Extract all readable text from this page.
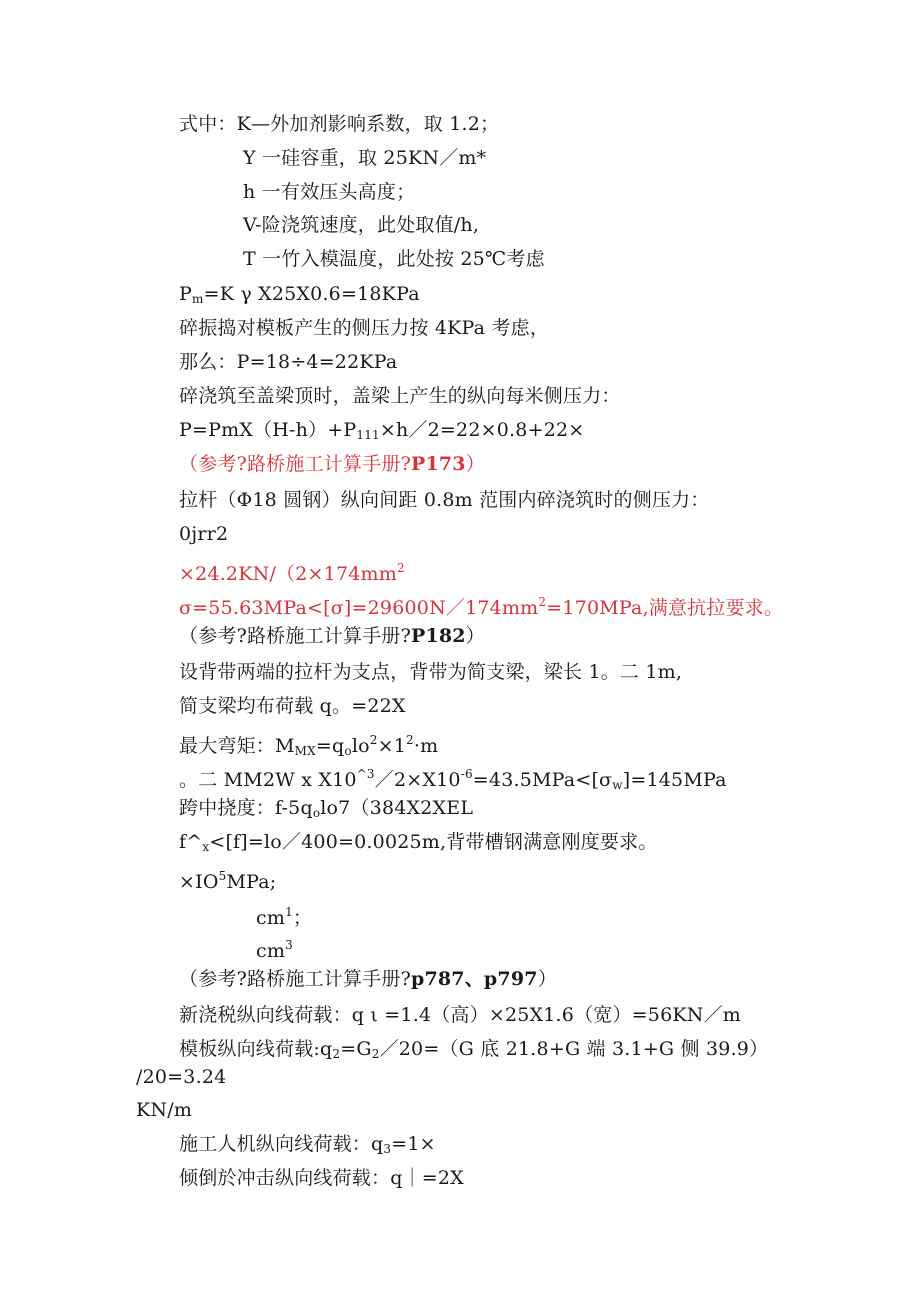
式中：K—外加剂影响系数，取 1.2；
Y 一硅容重，取 25KN／m*
h 一有效压头高度；
V-险浇筑速度，此处取值/h,
T 一竹入模温度，此处按 25℃考虑
$P_m=K$ γ X25X0.6=18KPa
碎振捣对模板产生的侧压力按 4KPa 考虑，
那么：P=18÷4=22KPa
碎浇筑至盖梁顶时，盖梁上产生的纵向每米侧压力：
$P=PmX(H-h)+P_{111}\times h/2=22\times 0.8+22\times$
（参考?路桥施工计算手册?P173）
拉杆（Φ18 圆钢）纵向间距 0.8m 范围内碎浇筑时的侧压力：
0jrr2
$\times 24.2KN/(2\times 174mm^2$
$\sigma=55.63MPa<[\sigma]=29600N/174mm^2=170MPa$,满意抗拉要求。
（参考?路桥施工计算手册?P182）
设背带两端的拉杆为支点，背带为简支梁，梁长 1。二 1m,
简支梁均布荷载 q。=22X
最大弯矩：$M_{MX}=q_olo^2\times 1^2\cdot m$
。二 MM2W x $X10^{\^{}3}/2\times X10^{-6}=43.5MPa<[\sigma_w]=145MPa$
跨中挠度：$f-5q_olo7(384X2XEL$
$f\^{}_x<[f]=lo/400=0.0025m$,背带槽钢满意刚度要求。
$\times IO^5MPa$;
$cm^1$；
$cm^3$
（参考?路桥施工计算手册?p787、p797）
新浇税纵向线荷载：q ι =1.4（高）×25X1.6（宽）=56KN／m
模板纵向线荷载$:q_2=G_2/20=(G$ 底 21.8+G 端 3.1+G 侧 39.9）
/20=3.24
KN/m
施工人机纵向线荷载：$q_3=1\times$
倾倒於冲击纵向线荷载：q｜=2X
